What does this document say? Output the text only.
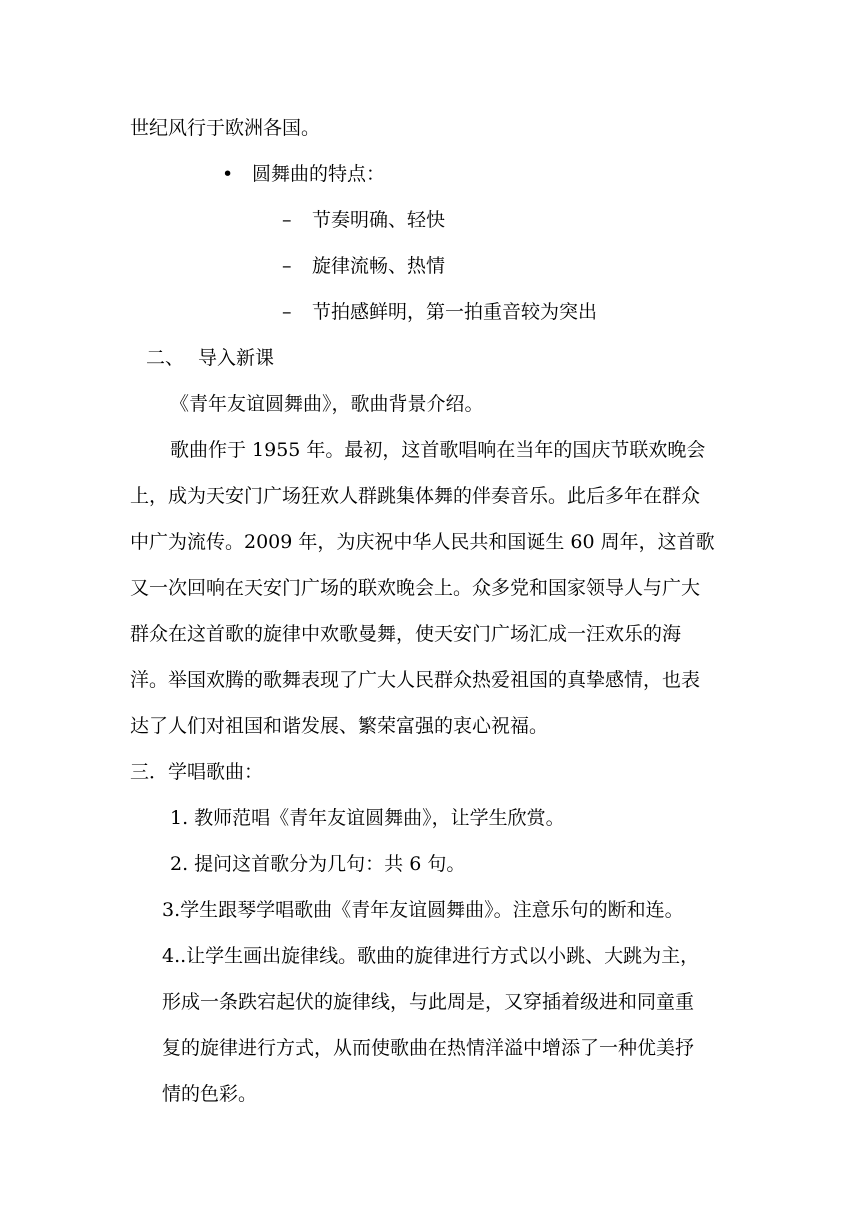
世纪风行于欧洲各国。
• 圆舞曲的特点：
– 节奏明确、轻快
– 旋律流畅、热情
– 节拍感鲜明，第一拍重音较为突出
二、 导入新课
《青年友谊圆舞曲》，歌曲背景介绍。
歌曲作于 1955 年。最初，这首歌唱响在当年的国庆节联欢晚会
上，成为天安门广场狂欢人群跳集体舞的伴奏音乐。此后多年在群众
中广为流传。2009 年，为庆祝中华人民共和国诞生 60 周年，这首歌
又一次回响在天安门广场的联欢晚会上。众多党和国家领导人与广大
群众在这首歌的旋律中欢歌曼舞，使天安门广场汇成一汪欢乐的海
洋。举国欢腾的歌舞表现了广大人民群众热爱祖国的真挚感情，也表
达了人们对祖国和谐发展、繁荣富强的衷心祝福。
三．学唱歌曲：
1. 教师范唱《青年友谊圆舞曲》，让学生欣赏。
2. 提问这首歌分为几句：共 6 句。
3.学生跟琴学唱歌曲《青年友谊圆舞曲》。注意乐句的断和连。
4..让学生画出旋律线。歌曲的旋律进行方式以小跳、大跳为主，
形成一条跌宕起伏的旋律线，与此周是，又穿插着级进和同童重
复的旋律进行方式，从而使歌曲在热情洋溢中增添了一种优美抒
情的色彩。
